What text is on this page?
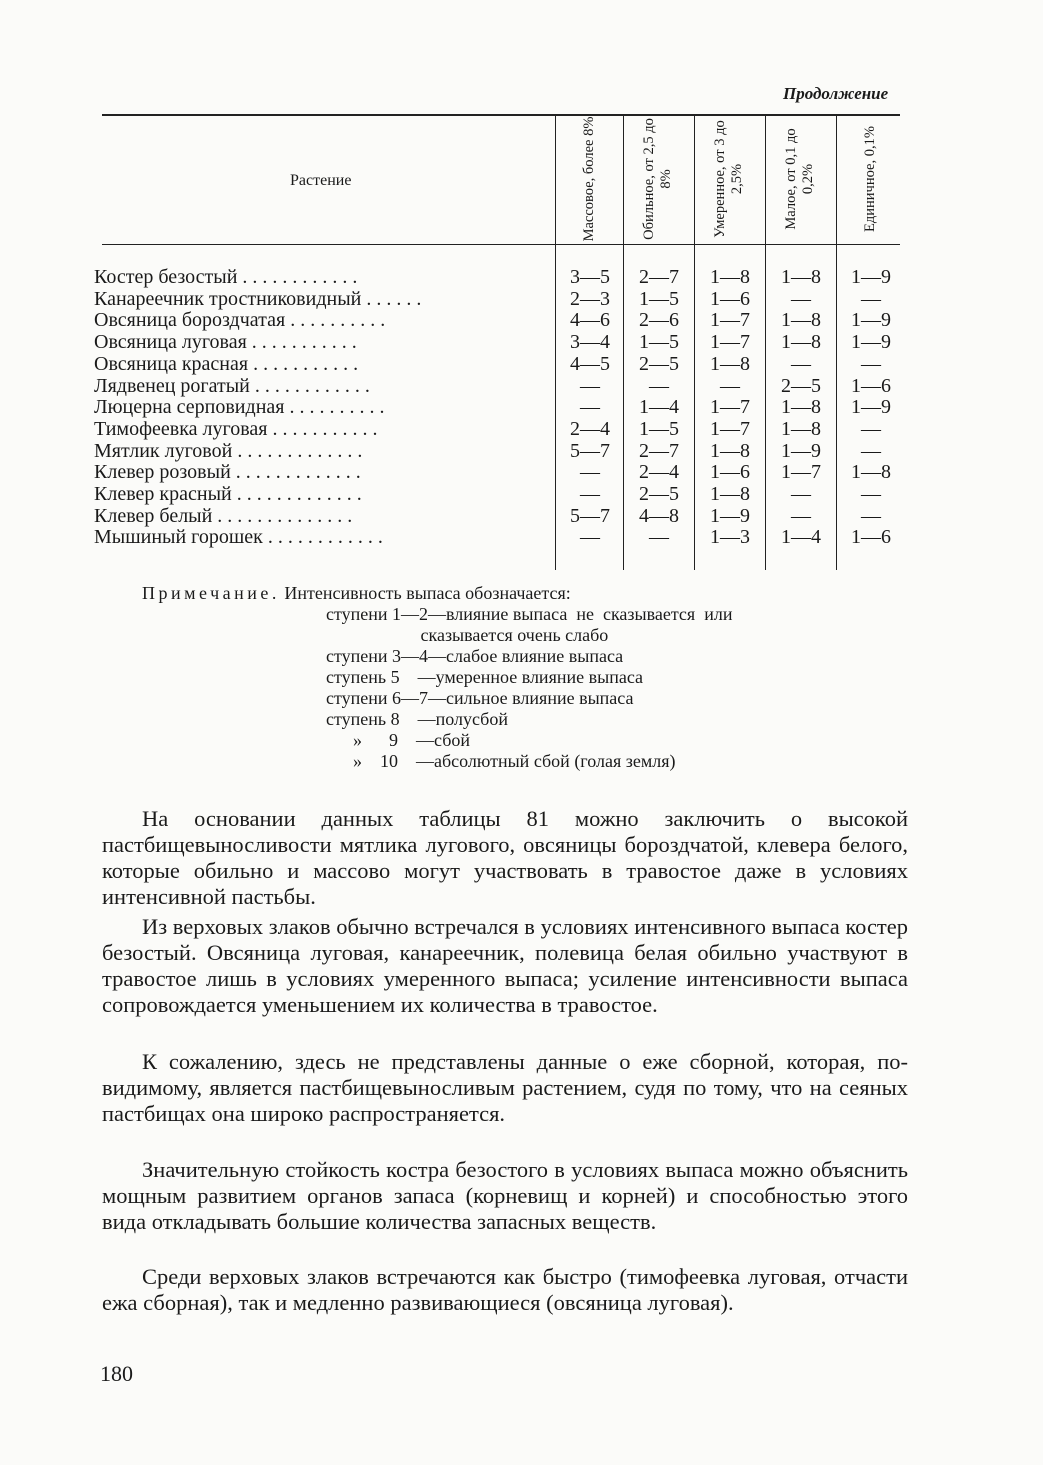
Продолжение
Растение	Массовое, более 8%	Обильное, от 2,5 до 8%	Умеренное, от 3 до 2,5%	Малое, от 0,1 до 0,2%	Единичное, 0,1%
Костер безостый . . . . . . . . . . . .	3—5	2—7	1—8	1—8	1—9
Канареечник тростниковидный . . . . . .	2—3	1—5	1—6	—	—
Овсяница бороздчатая . . . . . . . . . .	4—6	2—6	1—7	1—8	1—9
Овсяница луговая . . . . . . . . . . .	3—4	1—5	1—7	1—8	1—9
Овсяница красная . . . . . . . . . . .	4—5	2—5	1—8	—	—
Лядвенец рогатый . . . . . . . . . . . .	—	—	—	2—5	1—6
Люцерна серповидная . . . . . . . . . .	—	1—4	1—7	1—8	1—9
Тимофеевка луговая . . . . . . . . . . .	2—4	1—5	1—7	1—8	—
Мятлик луговой . . . . . . . . . . . . .	5—7	2—7	1—8	1—9	—
Клевер розовый . . . . . . . . . . . . .	—	2—4	1—6	1—7	1—8
Клевер красный . . . . . . . . . . . . .	—	2—5	1—8	—	—
Клевер белый . . . . . . . . . . . . . .	5—7	4—8	1—9	—	—
Мышиный горошек . . . . . . . . . . . .	—	—	1—3	1—4	1—6
Примечание. Интенсивность выпаса обозначается:
ступени 1—2—влияние выпаса  не  сказывается  или
сказывается очень слабо
ступени 3—4—слабое влияние выпаса
ступень 5    —умеренное влияние выпаса
ступени 6—7—сильное влияние выпаса
ступень 8    —полусбой
»      9    —сбой
»    10    —абсолютный сбой (голая земля)

На основании данных таблицы 81 можно заключить о высокой пастбищевыносливости мятлика лугового, овсяницы бороздчатой, клевера белого, которые обильно и массово могут участвовать в травостое даже в условиях интенсивной пастьбы.

Из верховых злаков обычно встречался в условиях интенсивного выпаса костер безостый. Овсяница луговая, канареечник, полевица белая обильно участвуют в травостое лишь в условиях умеренного выпаса; усиление интенсивности выпаса сопровождается уменьшением их количества в травостое.

К сожалению, здесь не представлены данные о еже сборной, которая, по-видимому, является пастбищевыносливым растением, судя по тому, что на сеяных пастбищах она широко распространяется.

Значительную стойкость костра безостого в условиях выпаса можно объяснить мощным развитием органов запаса (корневищ и корней) и способностью этого вида откладывать большие количества запасных веществ.

Среди верховых злаков встречаются как быстро (тимофеевка луговая, отчасти ежа сборная), так и медленно развивающиеся (овсяница луговая).

180
